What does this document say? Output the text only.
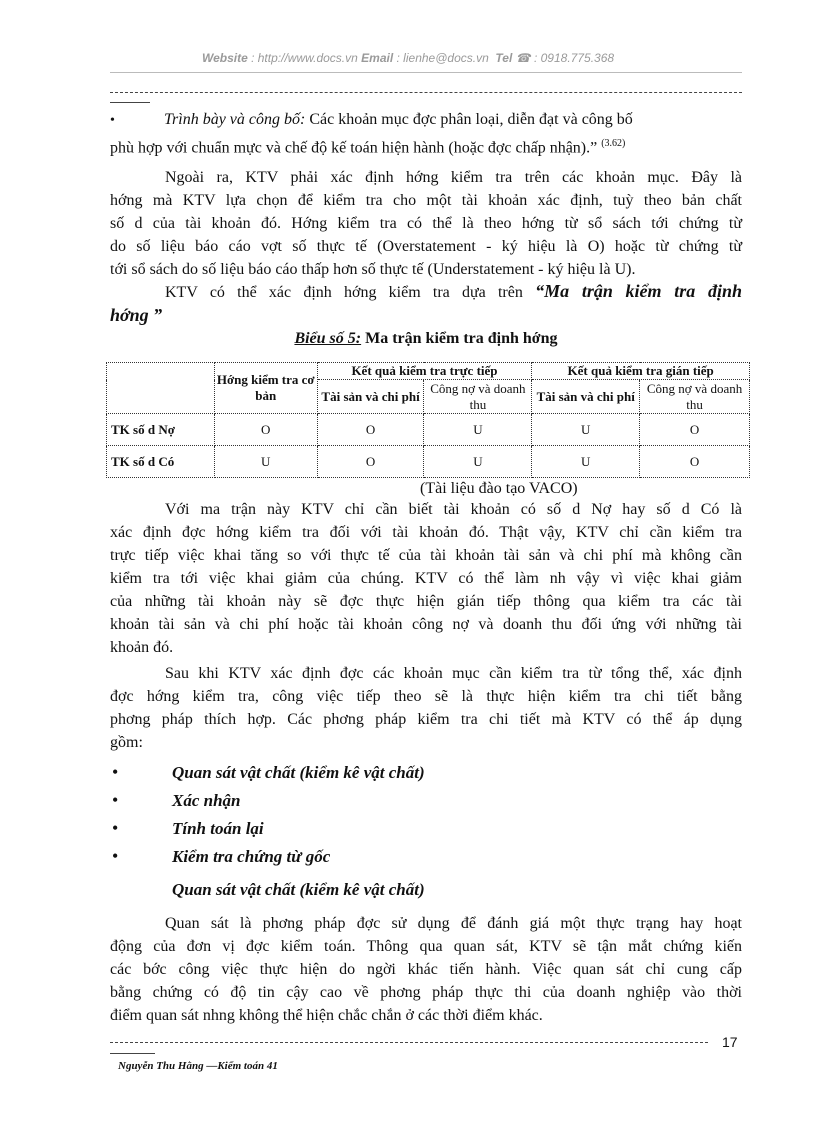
Website : http://www.docs.vn Email : lienhe@docs.vn Tel ☎ : 0918.775.368
•	Trình bày và công bố: Các khoản mục đợc phân loại, diễn đạt và công bố
phù hợp với chuẩn mực và chế độ kế toán hiện hành (hoặc đợc chấp nhận).” $^{(3.62)}$
Ngoài ra, KTV phải xác định hớng kiểm tra trên các khoản mục. Đây là
hớng mà KTV lựa chọn để kiểm tra cho một tài khoản xác định, tuỳ theo bản chất
số d của tài khoản đó. Hớng kiểm tra có thể là theo hớng từ sổ sách tới chứng từ
do số liệu báo cáo vợt số thực tế (Overstatement - ký hiệu là O) hoặc từ chứng từ
tới sổ sách do số liệu báo cáo thấp hơn số thực tế (Understatement - ký hiệu là U).
KTV có thể xác định hớng kiểm tra dựa trên “Ma trận kiểm tra định
hớng ”
Biểu số 5: Ma trận kiểm tra định hớng
	Hớng kiểm tra cơ bản	Kết quả kiểm tra trực tiếp		Kết quả kiểm tra gián tiếp	
		Tài sản và chi phí	Công nợ và doanh thu	Tài sản và chi phí	Công nợ và doanh thu
TK số d Nợ	O	O	U	U	O
TK số d Có	U	O	U	U	O
(Tài liệu đào tạo VACO)
Với ma trận này KTV chỉ cần biết tài khoản có số d Nợ hay số d Có là
xác định đợc hớng kiểm tra đối với tài khoản đó. Thật vậy, KTV chỉ cần kiểm tra
trực tiếp việc khai tăng so với thực tế của tài khoản tài sản và chi phí mà không cần
kiểm tra tới việc khai giảm của chúng. KTV có thể làm nh vậy vì việc khai giảm
của những tài khoản này sẽ đợc thực hiện gián tiếp thông qua kiểm tra các tài
khoản tài sản và chi phí hoặc tài khoản công nợ và doanh thu đối ứng với những tài
khoản đó.
Sau khi KTV xác định đợc các khoản mục cần kiểm tra từ tổng thể, xác định
đợc hớng kiểm tra, công việc tiếp theo sẽ là thực hiện kiểm tra chi tiết bằng
phơng pháp thích hợp. Các phơng pháp kiểm tra chi tiết mà KTV có thể áp dụng
gồm:
•	Quan sát vật chất (kiểm kê vật chất)
•	Xác nhận
•	Tính toán lại
•	Kiểm tra chứng từ gốc
Quan sát vật chất (kiểm kê vật chất)
Quan sát là phơng pháp đợc sử dụng để đánh giá một thực trạng hay hoạt
động của đơn vị đợc kiểm toán. Thông qua quan sát, KTV sẽ tận mắt chứng kiến
các bớc công việc thực hiện do ngời khác tiến hành. Việc quan sát chỉ cung cấp
bằng chứng có độ tin cậy cao về phơng pháp thực thi của doanh nghiệp vào thời
điểm quan sát nhng không thể hiện chắc chắn ở các thời điểm khác.
17
Nguyễn Thu Hằng —Kiểm toán 41
